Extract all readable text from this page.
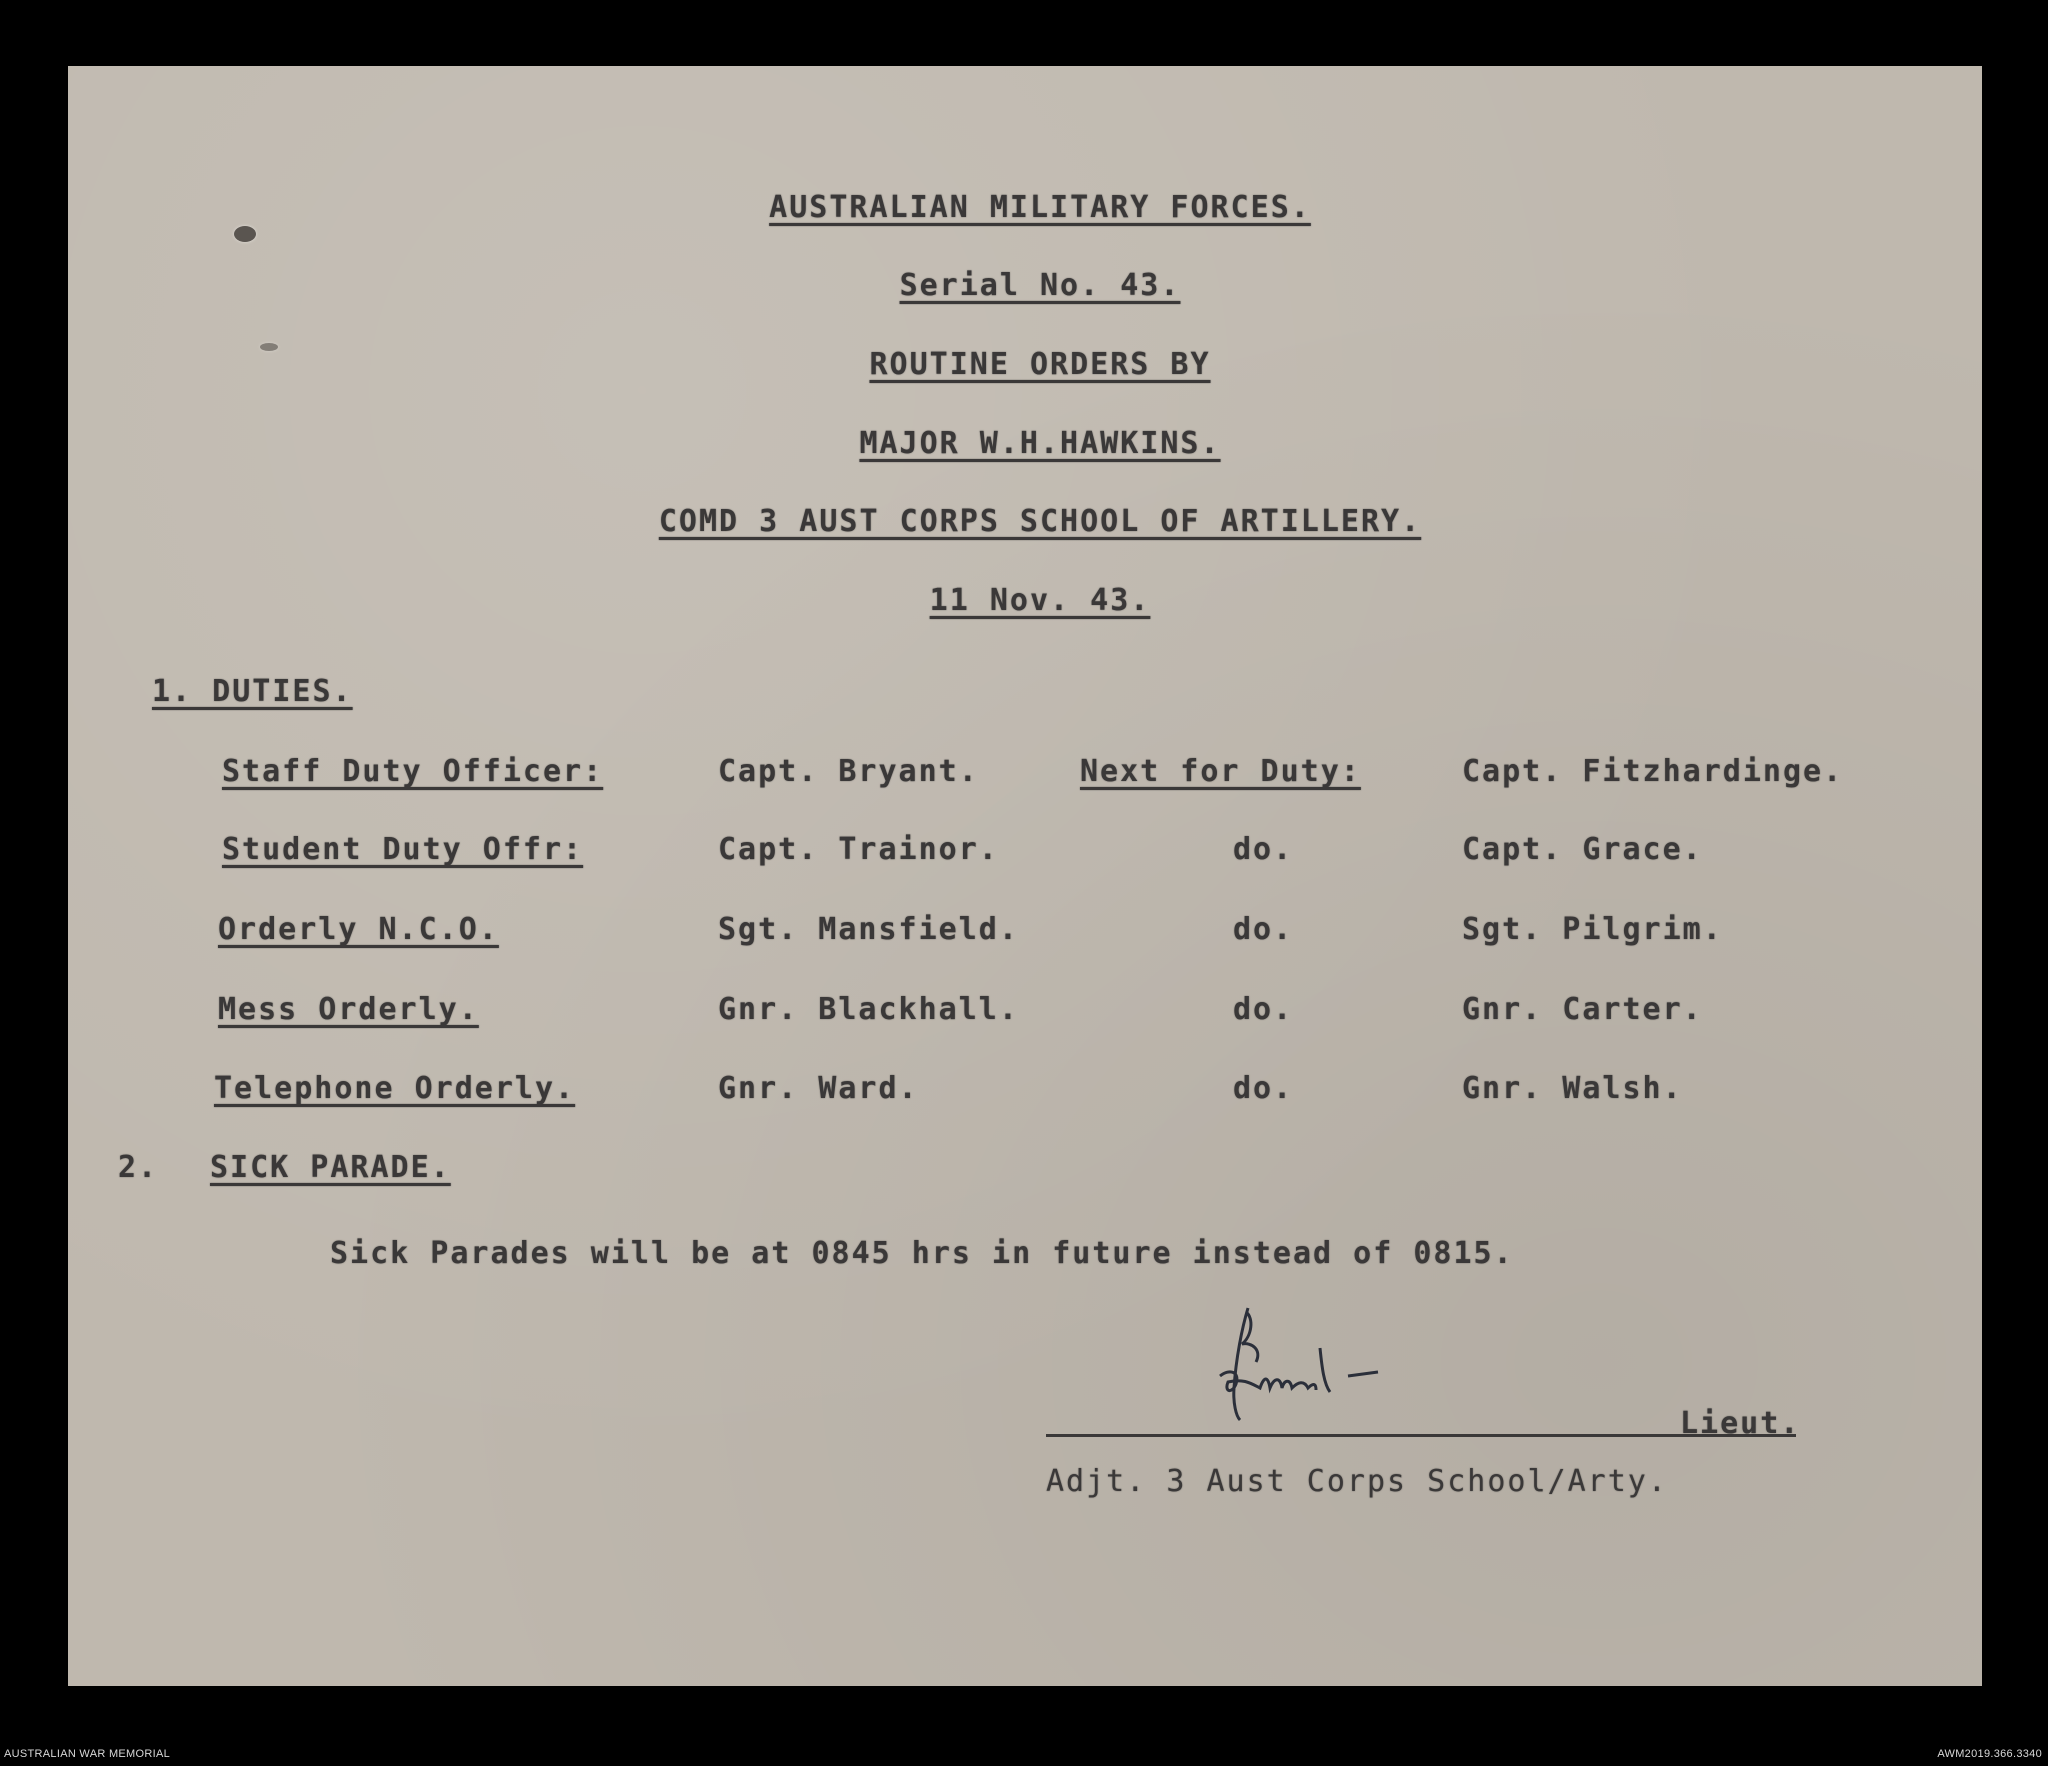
AUSTRALIAN MILITARY FORCES.
Serial No. 43.
ROUTINE ORDERS BY
MAJOR W.H.HAWKINS.
COMD 3 AUST CORPS SCHOOL OF ARTILLERY.
11 Nov. 43.
1. DUTIES.
Staff Duty Officer:	Capt. Bryant.	Next for Duty:	Capt. Fitzhardinge.
Student Duty Offr:	Capt. Trainor.	do.	Capt. Grace.
Orderly N.C.O.	Sgt. Mansfield.	do.	Sgt. Pilgrim.
Mess Orderly.	Gnr. Blackhall.	do.	Gnr. Carter.
Telephone Orderly.	Gnr. Ward.	do.	Gnr. Walsh.
2. SICK PARADE.
Sick Parades will be at 0845 hrs in future instead of 0815.
Lieut.
Adjt. 3 Aust Corps School/Arty.
AUSTRALIAN WAR MEMORIAL	AWM2019.366.3340
